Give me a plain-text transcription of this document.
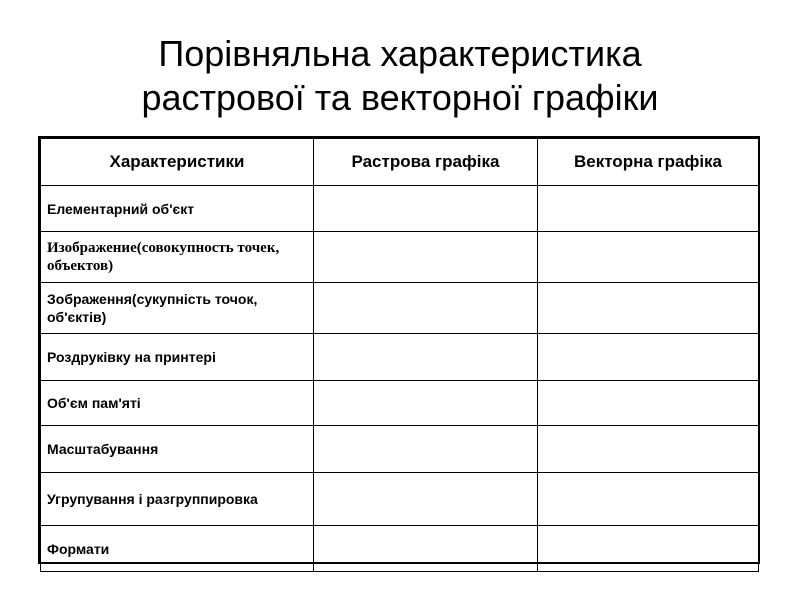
Порівняльна характеристика
растрової та векторної графіки
Характеристики	Растрова графіка	Векторна графіка
Елементарний об'єкт		
Изображение(совокупность точек, объектов)		
Зображення(сукупність точок, об'єктів)		
Роздруківку на принтері		
Об'єм пам'яті		
Масштабування		
Угрупування і разгруппировка		
Формати		
